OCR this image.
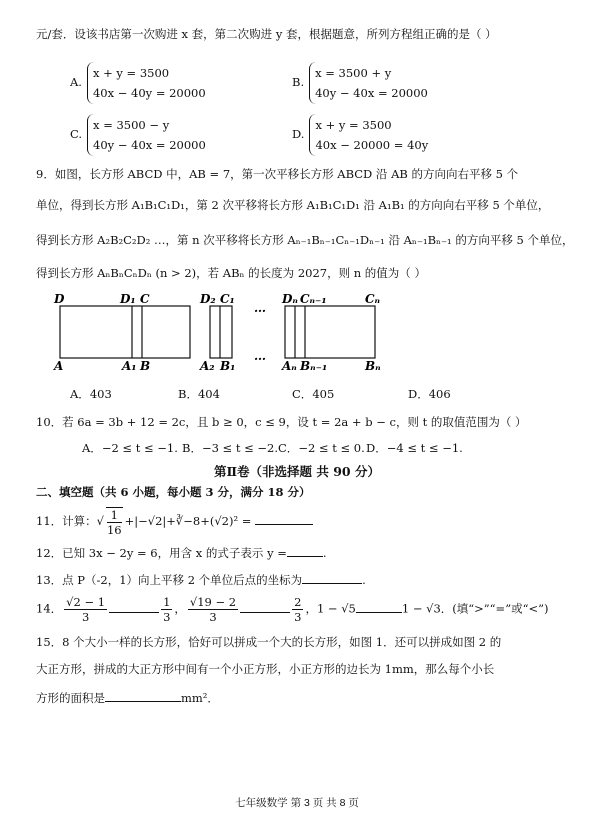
元/套．设该书店第一次购进 x 套，第二次购进 y 套，根据题意，所列方程组正确的是（ ）
A.
x + y = 3500
40x − 40y = 20000
B.
x = 3500 + y
40y − 40x = 20000
C.
x = 3500 − y
40y − 40x = 20000
D.
x + y = 3500
40x − 20000 = 40y
9．如图，长方形 ABCD 中，AB = 7，第一次平移长方形 ABCD 沿 AB 的方向向右平移 5 个
单位，得到长方形 A₁B₁C₁D₁，第 2 次平移将长方形 A₁B₁C₁D₁ 沿 A₁B₁ 的方向向右平移 5 个单位，
得到长方形 A₂B₂C₂D₂ …，第 n 次平移将长方形 Aₙ₋₁Bₙ₋₁Cₙ₋₁Dₙ₋₁ 沿 Aₙ₋₁Bₙ₋₁ 的方向平移 5 个单位，
得到长方形 AₙBₙCₙDₙ (n > 2)，若 ABₙ 的长度为 2027，则 n 的值为（ ）
D	D₁ C	D₂ C₁
…
Dₙ Cₙ₋₁	Cₙ
A	A₁ B	A₂ B₁
…
Aₙ Bₙ₋₁	Bₙ
A．403	B．404	C．405	D．406
10．若 6a = 3b + 12 = 2c，且 b ≥ 0，c ≤ 9，设 t = 2a + b − c，则 t 的取值范围为（ ）
A．−2 ≤ t ≤ −1. B．−3 ≤ t ≤ −2. C．−2 ≤ t ≤ 0. D．−4 ≤ t ≤ −1.
第Ⅱ卷（非选择题 共 90 分）
二、填空题（共 6 小题，每小题 3 分，满分 18 分）
11．计算：√ $\frac{1}{16}$ +|−√2|+∛−8+(√2)² =
12．已知 3x − 2y = 6，用含 x 的式子表示 y =	.
13．点 P（-2，1）向上平移 2 个单位后点的坐标为	.
14． $\frac{√2 - 1}{3}$	$\frac{1}{3}$ ， $\frac{√19 - 2}{3}$	$\frac{2}{3}$ ，1 − √5	1 − √3．(填“>”“=”或“<”)
15．8 个大小一样的长方形，恰好可以拼成一个大的长方形，如图 1．还可以拼成如图 2 的
大正方形，拼成的大正方形中间有一个小正方形，小正方形的边长为 1mm，那么每个小长
方形的面积是	mm²．
七年级数学 第 3 页 共 8 页
